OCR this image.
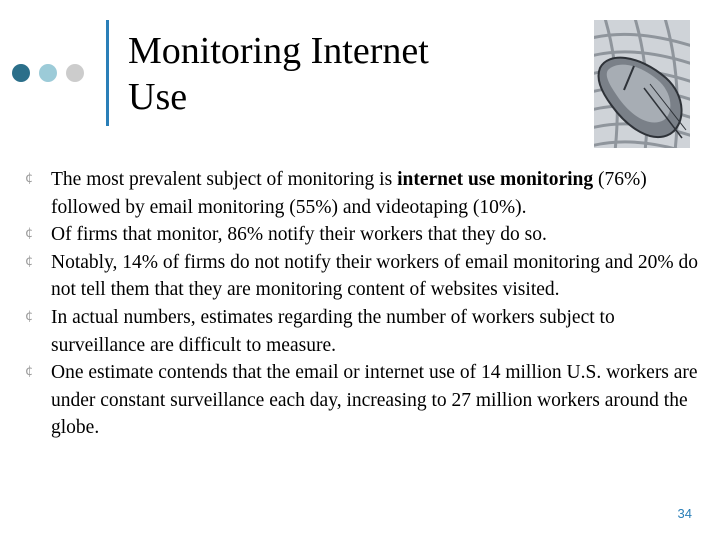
Monitoring Internet
Use
¢ The most prevalent subject of monitoring is internet use monitoring (76%) followed by email monitoring (55%) and videotaping (10%).
¢ Of firms that monitor, 86% notify their workers that they do so.
¢ Notably, 14% of firms do not notify their workers of email monitoring and 20% do not tell them that they are monitoring content of websites visited.
¢ In actual numbers, estimates regarding the number of workers subject to surveillance are difficult to measure.
¢ One estimate contends that the email or internet use of 14 million U.S. workers are under constant surveillance each day, increasing to 27 million workers around the globe.
34
